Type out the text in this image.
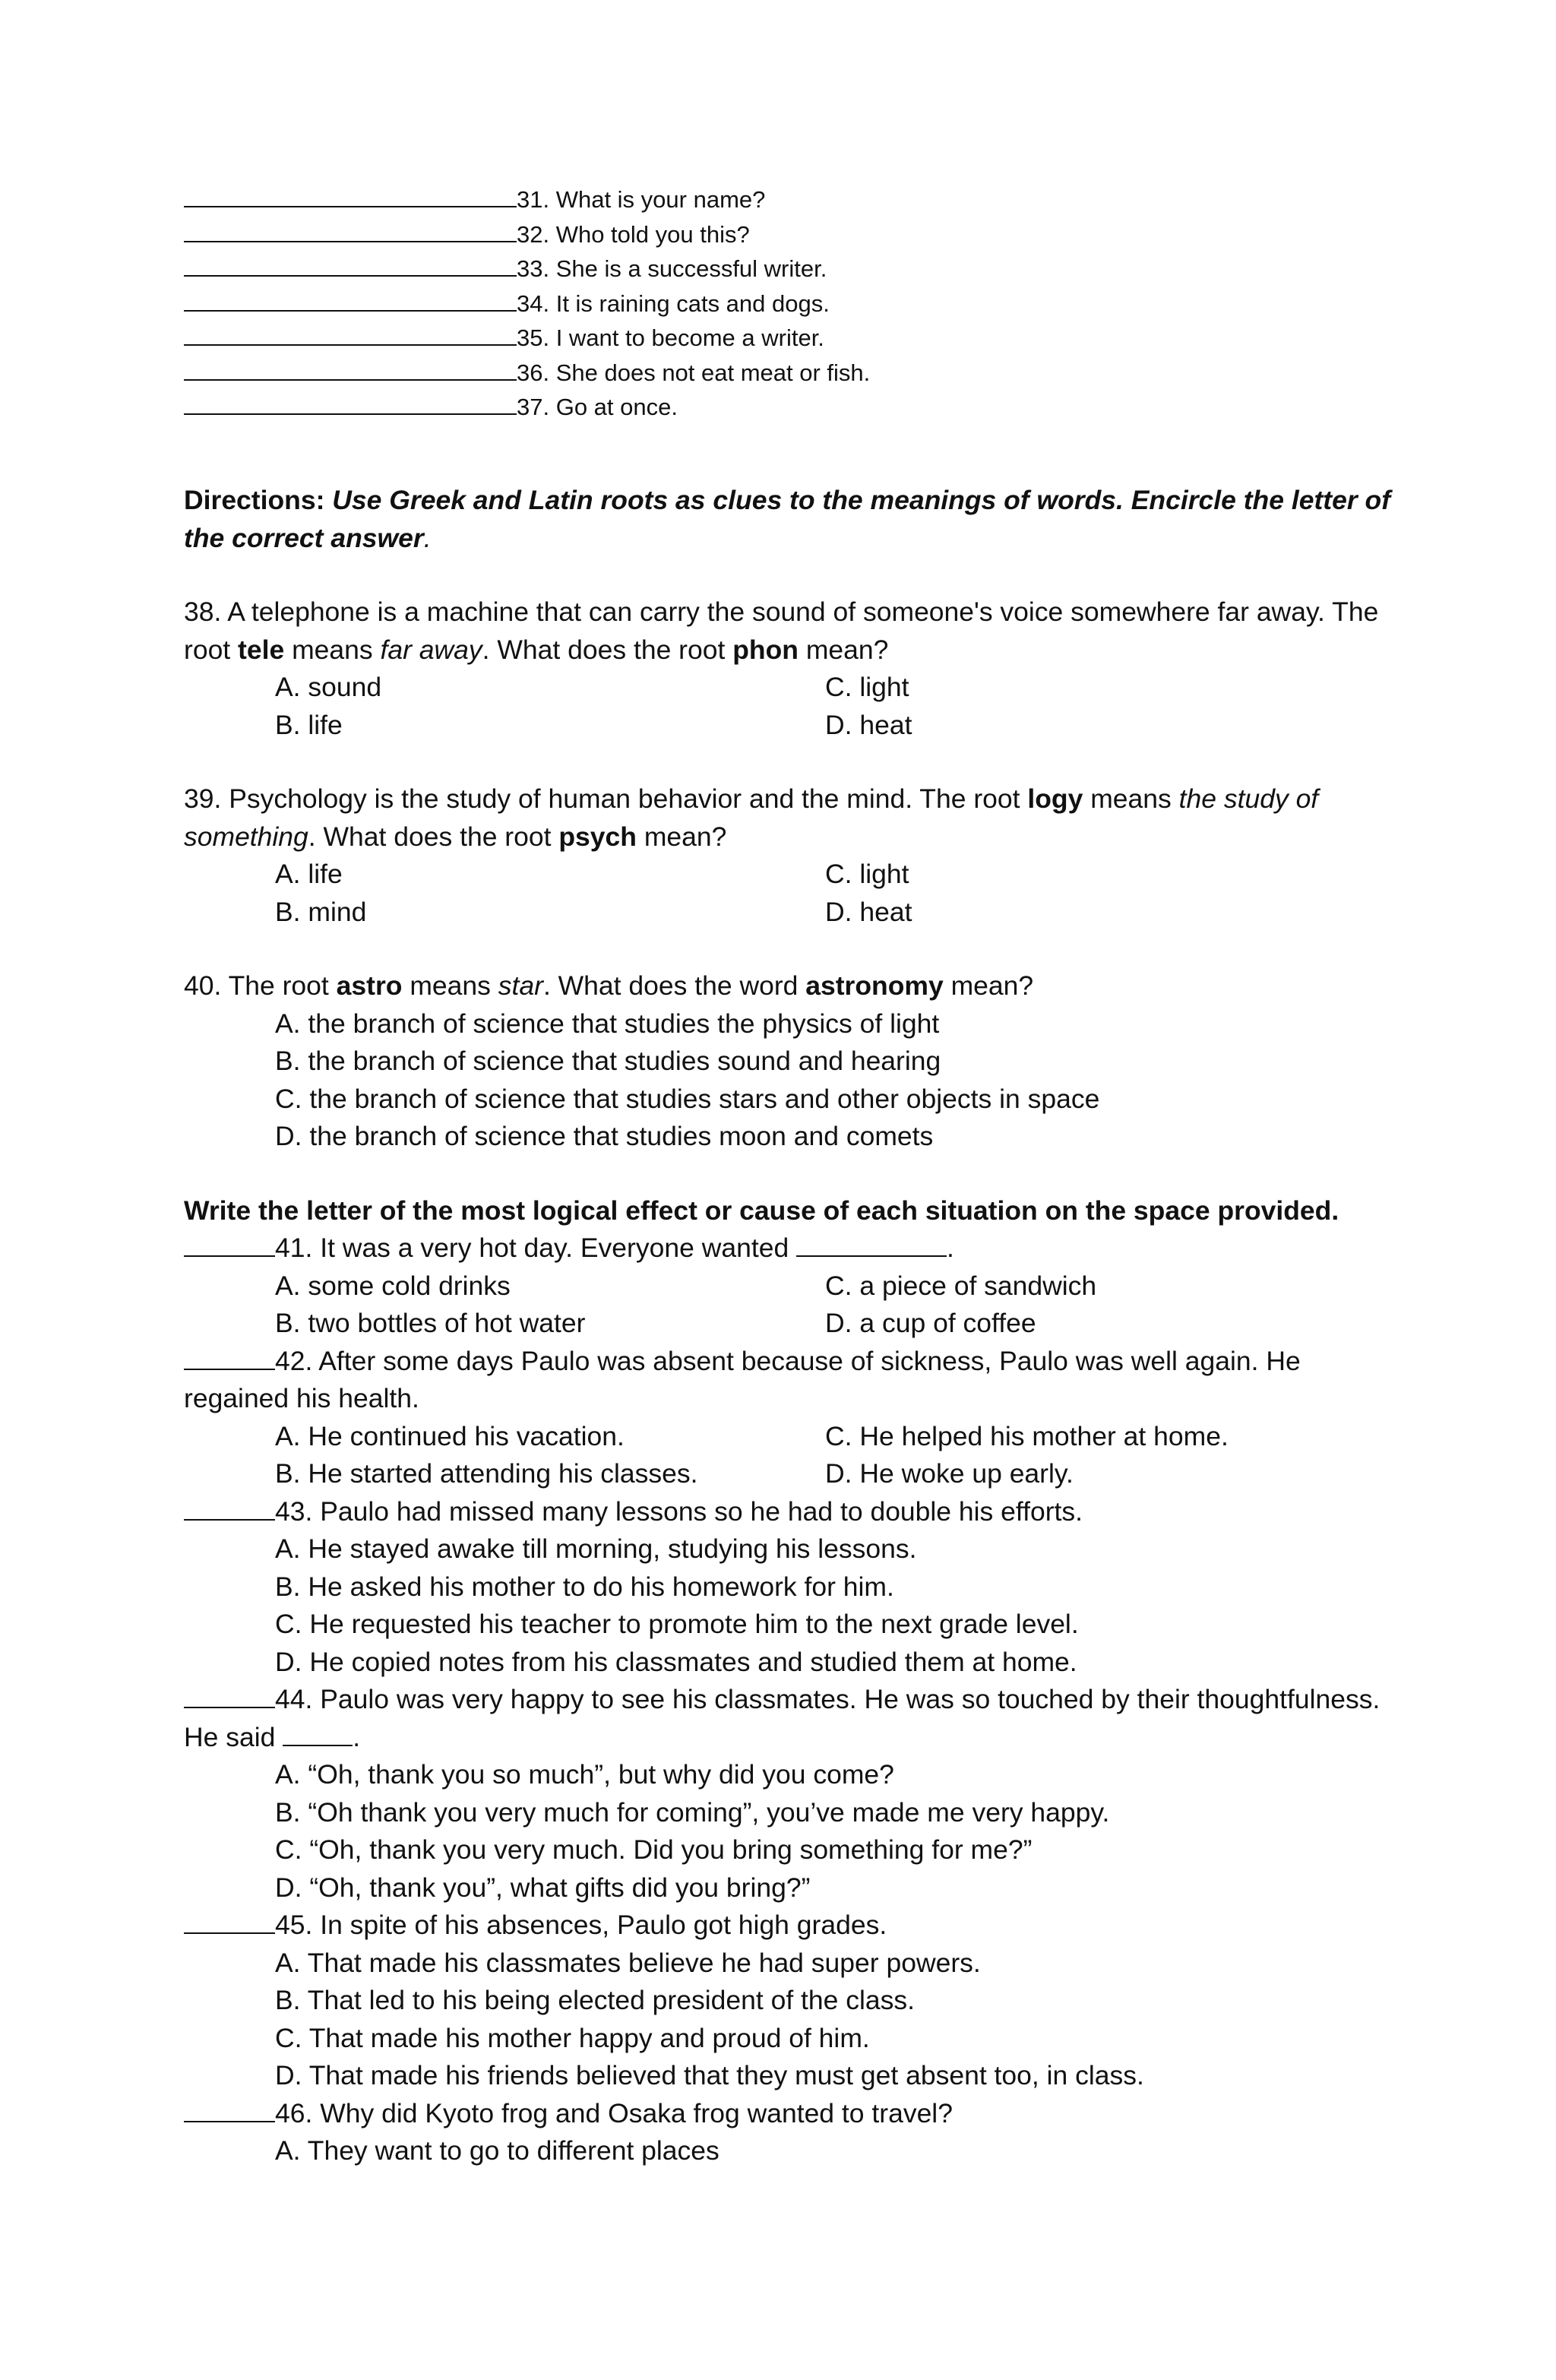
31. What is your name?
32. Who told you this?
33. She is a successful writer.
34. It is raining cats and dogs.
35. I want to become a writer.
36. She does not eat meat or fish.
37. Go at once.

Directions: Use Greek and Latin roots as clues to the meanings of words. Encircle the letter of the correct answer.

38. A telephone is a machine that can carry the sound of someone's voice somewhere far away. The root tele means far away. What does the root phon mean?

A. sound	C. light
B. life	D. heat

39. Psychology is the study of human behavior and the mind. The root logy means the study of something. What does the root psych mean?

A. life	C. light
B. mind	D. heat

40. The root astro means star. What does the word astronomy mean?

A. the branch of science that studies the physics of light
B. the branch of science that studies sound and hearing
C. the branch of science that studies stars and other objects in space
D. the branch of science that studies moon and comets

Write the letter of the most logical effect or cause of each situation on the space provided.

41. It was a very hot day. Everyone wanted	.

A. some cold drinks	C. a piece of sandwich
B. two bottles of hot water	D. a cup of coffee

42. After some days Paulo was absent because of sickness, Paulo was well again. He regained his health.

A. He continued his vacation.	C. He helped his mother at home.
B. He started attending his classes.	D. He woke up early.

43. Paulo had missed many lessons so he had to double his efforts.

A. He stayed awake till morning, studying his lessons.
B. He asked his mother to do his homework for him.
C. He requested his teacher to promote him to the next grade level.
D. He copied notes from his classmates and studied them at home.

44. Paulo was very happy to see his classmates. He was so touched by their thoughtfulness. He said	.

A. “Oh, thank you so much”, but why did you come?
B. “Oh thank you very much for coming”, you’ve made me very happy.
C. “Oh, thank you very much. Did you bring something for me?”
D. “Oh, thank you”, what gifts did you bring?”

45. In spite of his absences, Paulo got high grades.

A. That made his classmates believe he had super powers.
B. That led to his being elected president of the class.
C. That made his mother happy and proud of him.
D. That made his friends believed that they must get absent too, in class.

46. Why did Kyoto frog and Osaka frog wanted to travel?

A. They want to go to different places
